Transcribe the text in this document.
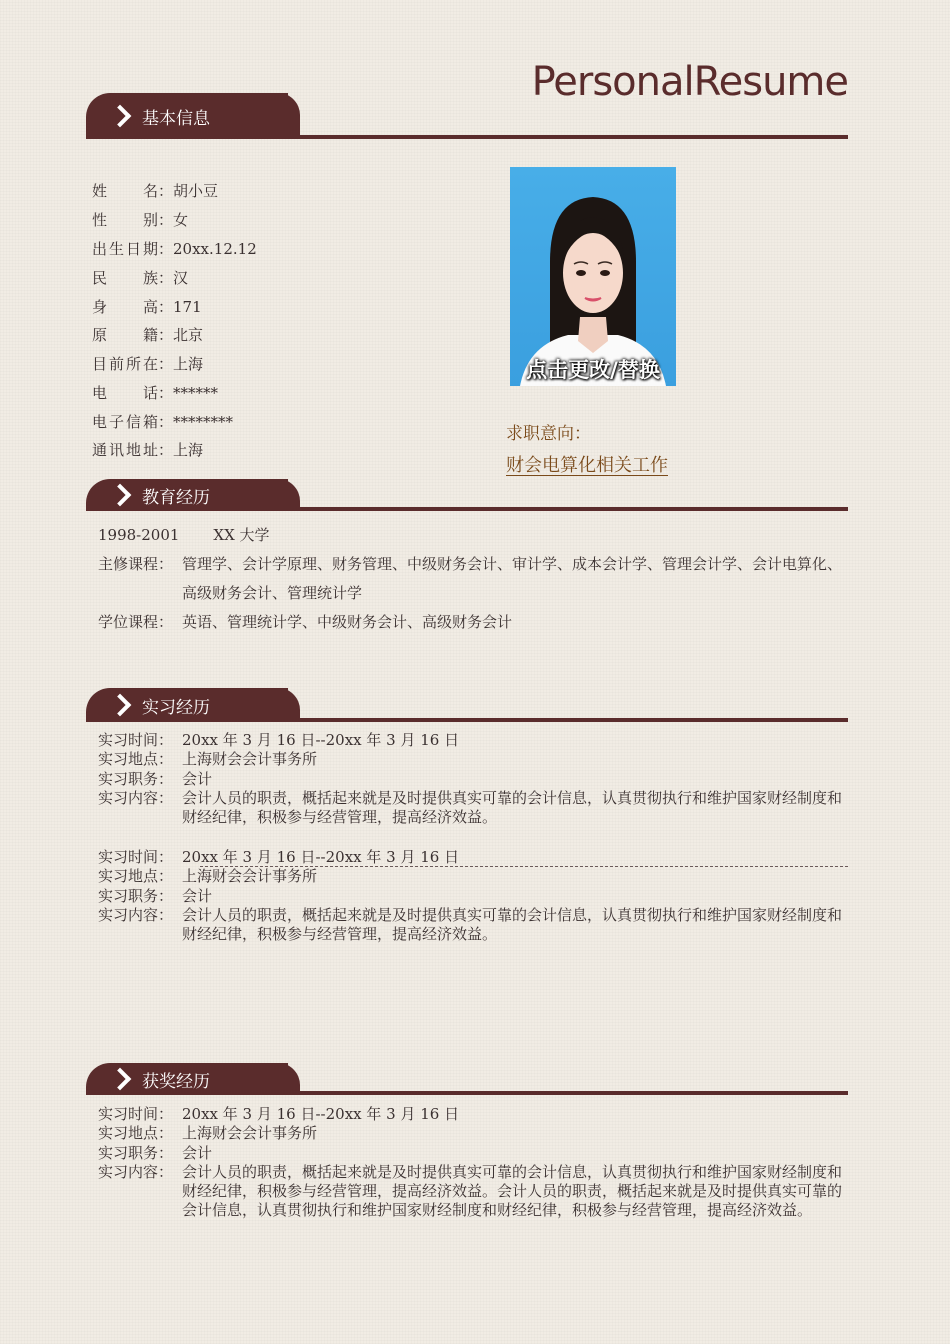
PersonalResume
基本信息
姓名：胡小豆
性别：女
出生日期：20xx.12.12
民族：汉
身高：171
原籍：北京
目前所在：上海
电话：******
电子信箱：********
通讯地址：上海
点击更改/替换
求职意向：
财会电算化相关工作
教育经历
1998-2001 XX 大学
主修课程： 管理学、会计学原理、财务管理、中级财务会计、审计学、成本会计学、管理会计学、会计电算化、高级财务会计、管理统计学
学位课程： 英语、管理统计学、中级财务会计、高级财务会计
实习经历
实习时间： 20xx 年 3 月 16 日--20xx 年 3 月 16 日
实习地点： 上海财会会计事务所
实习职务： 会计
实习内容： 会计人员的职责，概括起来就是及时提供真实可靠的会计信息，认真贯彻执行和维护国家财经制度和财经纪律，积极参与经营管理，提高经济效益。
实习时间： 20xx 年 3 月 16 日--20xx 年 3 月 16 日
实习地点： 上海财会会计事务所
实习职务： 会计
实习内容： 会计人员的职责，概括起来就是及时提供真实可靠的会计信息，认真贯彻执行和维护国家财经制度和财经纪律，积极参与经营管理，提高经济效益。
获奖经历
实习时间： 20xx 年 3 月 16 日--20xx 年 3 月 16 日
实习地点： 上海财会会计事务所
实习职务： 会计
实习内容： 会计人员的职责，概括起来就是及时提供真实可靠的会计信息，认真贯彻执行和维护国家财经制度和财经纪律，积极参与经营管理，提高经济效益。会计人员的职责，概括起来就是及时提供真实可靠的会计信息，认真贯彻执行和维护国家财经制度和财经纪律，积极参与经营管理，提高经济效益。
